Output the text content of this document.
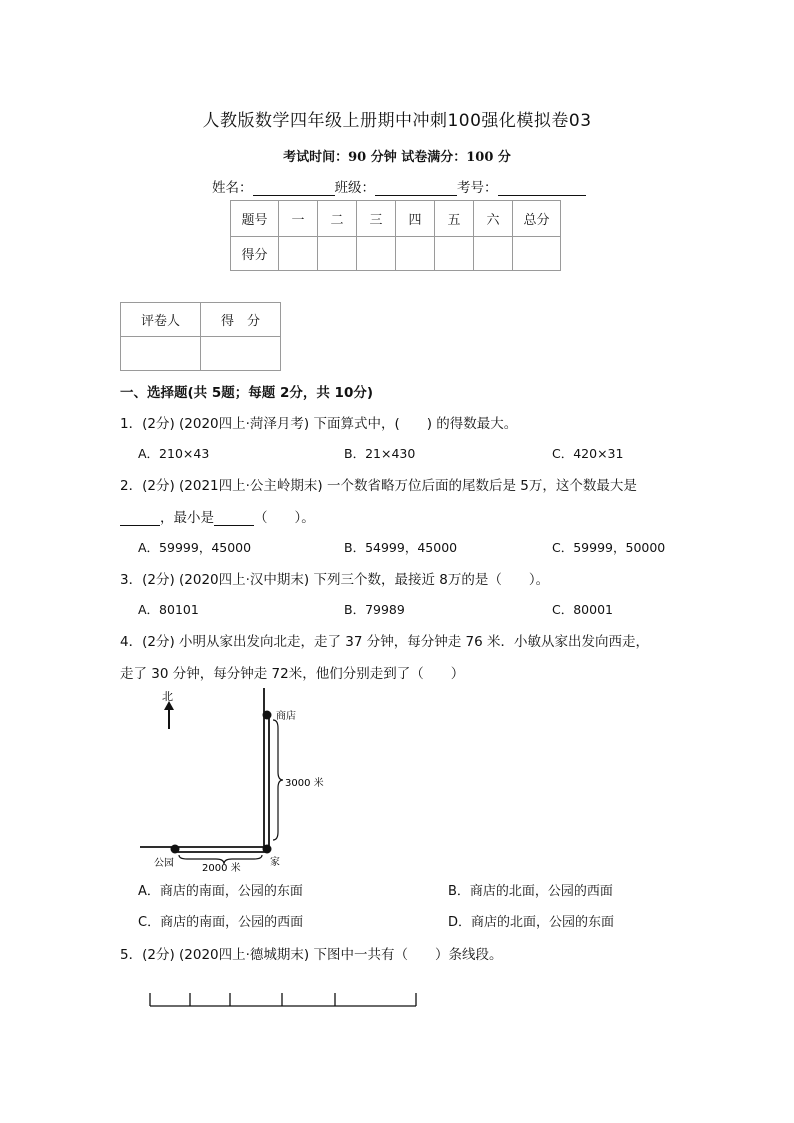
人教版数学四年级上册期中冲刺100强化模拟卷03
考试时间：90 分钟 试卷满分：100 分
姓名：	班级：	考号：
题号	一	二	三	四	五	六	总分
得分							
评卷人	得　分

一、选择题(共 5题；每题 2分，共 10分)
1．(2分) (2020四上·菏泽月考) 下面算式中，(　　) 的得数最大。
A．210×43	B．21×430	C．420×31
2．(2分) (2021四上·公主岭期末) 一个数省略万位后面的尾数后是 5万，这个数最大是
，最小是	（　　）。
A．59999，45000	B．54999，45000	C．59999，50000
3．(2分) (2020四上·汉中期末) 下列三个数，最接近 8万的是（　　）。
A．80101	B．79989	C．80001
4．(2分) 小明从家出发向北走，走了 37 分钟，每分钟走 76 米．小敏从家出发向西走，
走了 30 分钟，每分钟走 72米，他们分别走到了（　　）
北
商店
3000 米
家
公园	2000 米
A．商店的南面，公园的东面	B．商店的北面，公园的西面
C．商店的南面，公园的西面	D．商店的北面，公园的东面
5．(2分) (2020四上·德城期末) 下图中一共有（　　）条线段。
